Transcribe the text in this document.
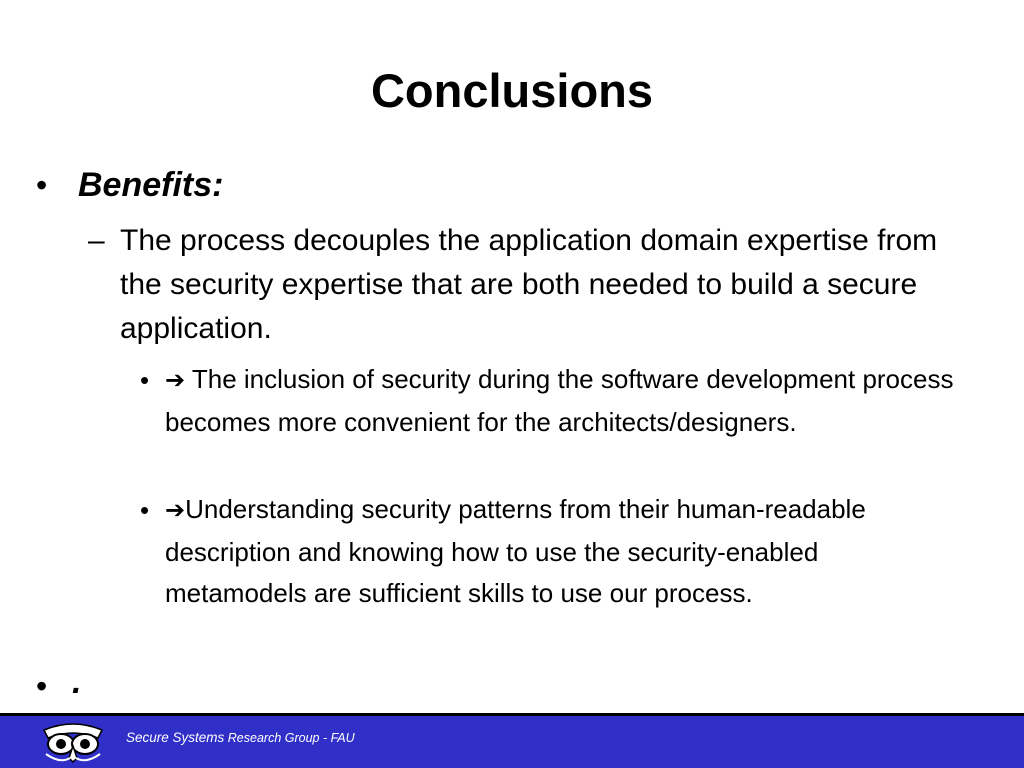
Conclusions
• Benefits:
– The process decouples the application domain expertise from the security expertise that are both needed to build a secure application.
• ➔ The inclusion of security during the software development process becomes more convenient for the architects/designers.
• ➔Understanding security patterns from their human-readable description and knowing how to use the security-enabled metamodels are sufficient skills to use our process.
• .
Secure Systems Research Group - FAU
